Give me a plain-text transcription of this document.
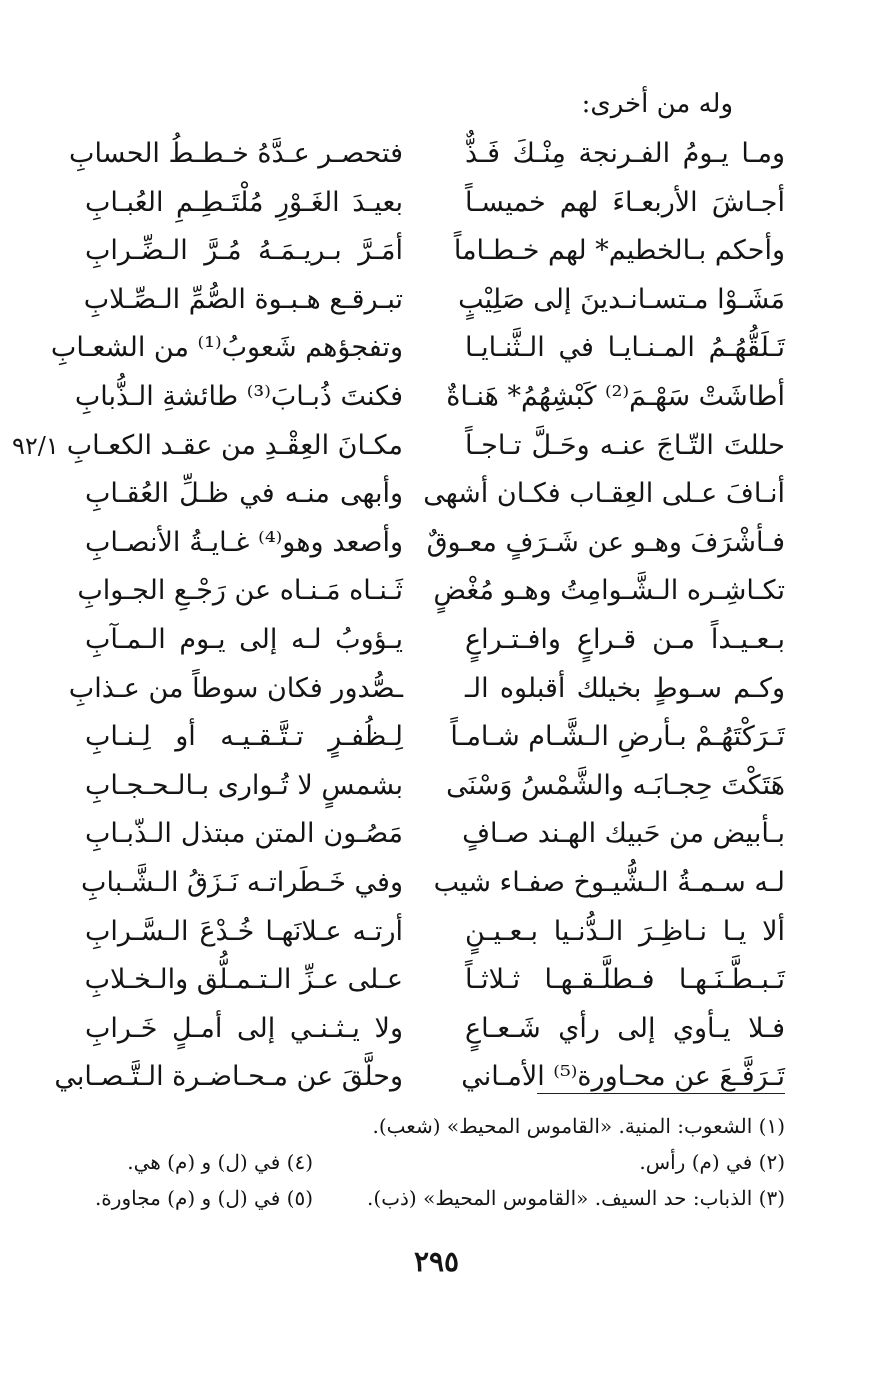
وله من أخرى:
ومـا يـومُ الفـرنجة مِنْـكَ فَـذٌّ
فتحصـر عـدَّهُ خـطـطُ الحسابِ
أجـاشَ الأربعـاءَ لهم خميسـاً
بعيـدَ الغَـوْرِ مُلْتَـطِـمِ العُبـابِ
وأحكم بـالخطيم* لهم خـطـاماً
أمَـرَّ بـريـمَـهُ مُـرَّ الـضِّـرابِ
مَشَـوْا مـتسـانـدينَ إلى صَلِيْبٍ
تبـرقـع هـبـوة الصُّمِّ الـصِّـلابِ
تَـلَقُّهُـمُ المـنـايـا في الـثَّنـايـا
وتفجؤهم شَعوبُ⁽¹⁾ من الشعـابِ
أطاشَتْ سَهْـمَ⁽²⁾ كَبْشِهُمُ* هَنـاةٌ
فكنتَ ذُبـابَ⁽³⁾ طائشةِ الـذُّبابِ
حللتَ التّـاجَ عنـه وحَـلَّ تـاجـاً
مكـانَ العِقْـدِ من عقـد الكعـابِ
٩٢/١
أنـافَ عـلى العِقـاب فكـان أشهى
وأبهى منـه في ظـلِّ العُقـابِ
فـأشْرَفَ وهـو عن شَـرَفٍ معـوقٌ
وأصعد وهو⁽⁴⁾ غـايـةُ الأنصـابِ
تكـاشِـره الـشَّـوامِتُ وهـو مُغْضٍ
ثَـنـاه مَـنـاه عن رَجْـعِ الجـوابِ
بـعـيـداً مـن قـراعٍ وافـتـراعٍ
يـؤوبُ لـه إلى يـوم الـمـآبِ
وكـم سـوطٍ بخيلك أقبلوه الـ
ـصُّدور فكان سوطاً من عـذابِ
تَـرَكْتَهُـمْ بـأرضِ الـشَّـام شـامـاً
لِـظُفـرٍ تـتَّـقـيـه أو لِـنـابِ
هَتَكْتَ حِجـابَـه والشَّمْسُ وَسْنَى
بشمسٍ لا تُـوارى بـالـحـجـابِ
بـأبيض من حَبيك الهـند صـافٍ
مَصُـون المتن مبتذل الـذّبـابِ
لـه سـمـةُ الـشُّيـوخ صفـاء شيب
وفي خَـطَراتـه نَـزَقُ الـشَّـبابِ
ألا يـا نـاظِـرَ الـدُّنـيا بـعـيـنٍ
أرتـه عـلانَهـا خُـدْعَ الـسَّـرابِ
تَـبـطَّـنَـهـا فـطلَّـقـهـا ثـلاثـاً
عـلى عـزِّ الـتـمـلُّق والـخـلابِ
فـلا يـأوي إلى رأي شَـعـاعٍ
ولا يـثـنـي إلى أمـلٍ خَـرابِ
تَـرَفَّـعَ عن محـاورة⁽⁵⁾ الأمـاني
وحلَّقَ عن مـحـاضـرة الـتَّـصـابي
(١) الشعوب: المنية. «القاموس المحيط» (شعب).
(٢) في (م) رأس.
(٤) في (ل) و (م) هي.
(٣) الذباب: حد السيف. «القاموس المحيط» (ذب).
(٥) في (ل) و (م) مجاورة.
٢٩٥
